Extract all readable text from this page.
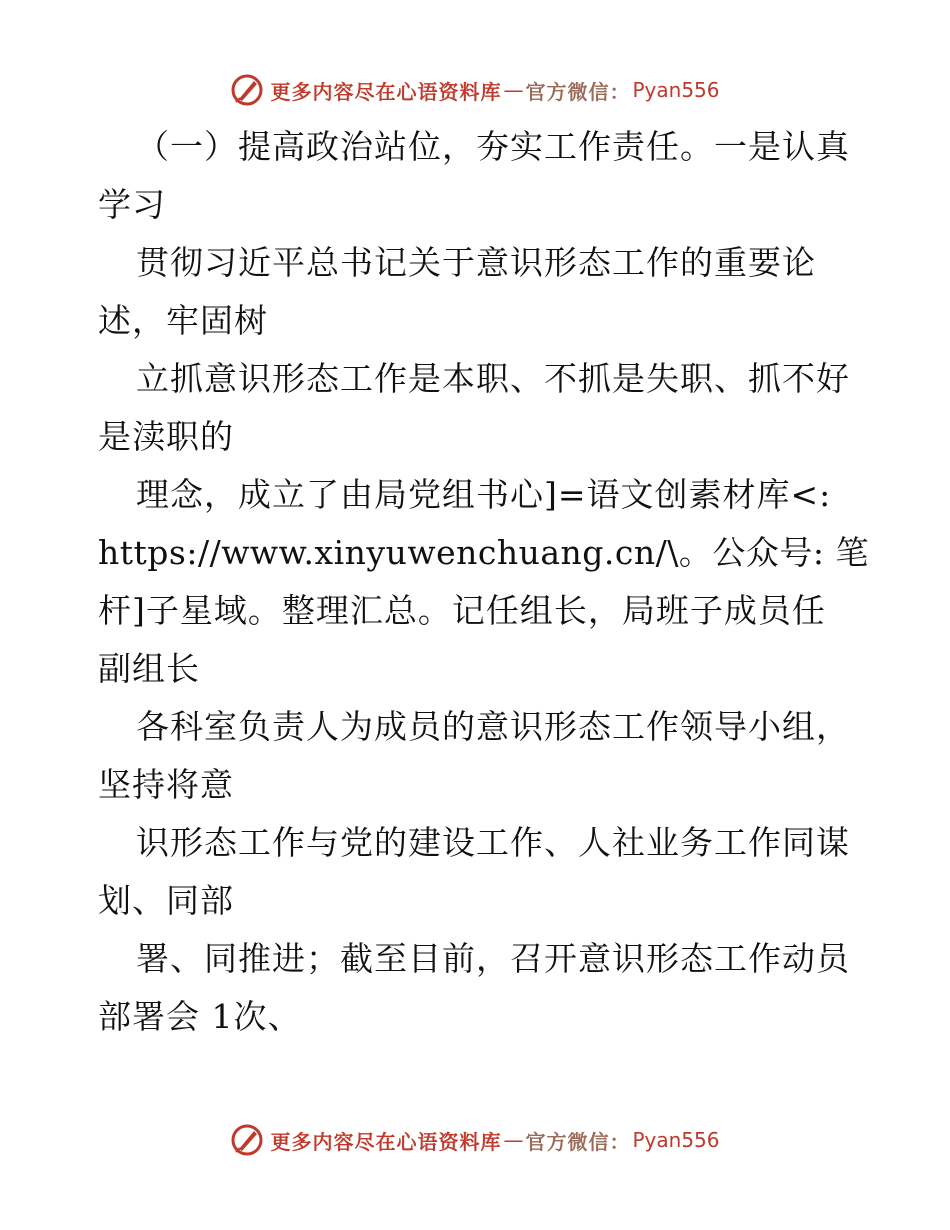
更多内容尽在心语资料库 — 官方微信： Pyan556
（一）提高政治站位，夯实工作责任。一是认真
学习
贯彻习近平总书记关于意识形态工作的重要论
述，牢固树
立抓意识形态工作是本职、不抓是失职、抓不好
是渎职的
理念，成立了由局党组书心]=语文创素材库<:
https://www.xinyuwenchuang.cn/\。公众号: 笔
杆]子星域。整理汇总。记任组长，局班子成员任
副组长
各科室负责人为成员的意识形态工作领导小组，
坚持将意
识形态工作与党的建设工作、人社业务工作同谋
划、同部
署、同推进；截至目前，召开意识形态工作动员
部署会 1次、
更多内容尽在心语资料库 — 官方微信： Pyan556
